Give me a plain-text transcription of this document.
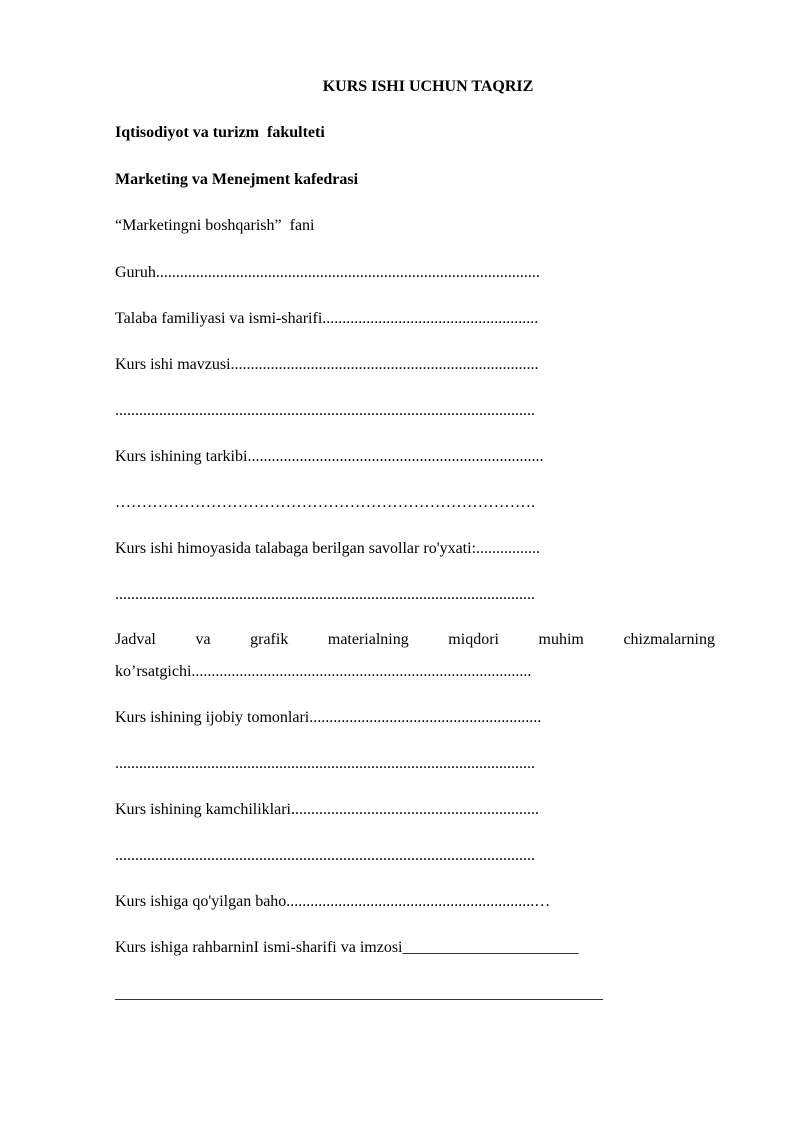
KURS ISHI UCHUN TAQRIZ
Iqtisodiyot va turizm  fakulteti
Marketing va Menejment kafedrasi
“Marketingni boshqarish”  fani
Guruh................................................................................................
Talaba familiyasi va ismi-sharifi......................................................
Kurs ishi mavzusi.............................................................................
.........................................................................................................
Kurs ishining tarkibi..........................................................................
…………………………………………………………………….
Kurs ishi himoyasida talabaga berilgan savollar ro'yxati:................
.........................................................................................................
Jadval va grafik materialning miqdori muhim chizmalarning
ko’rsatgichi.....................................................................................
Kurs ishining ijobiy tomonlari..........................................................
.........................................................................................................
Kurs ishining kamchiliklari..............................................................
.........................................................................................................
Kurs ishiga qo'yilgan baho..............................................................…
Kurs ishiga rahbarninI ismi-sharifi va imzosi______________________
_____________________________________________________________
